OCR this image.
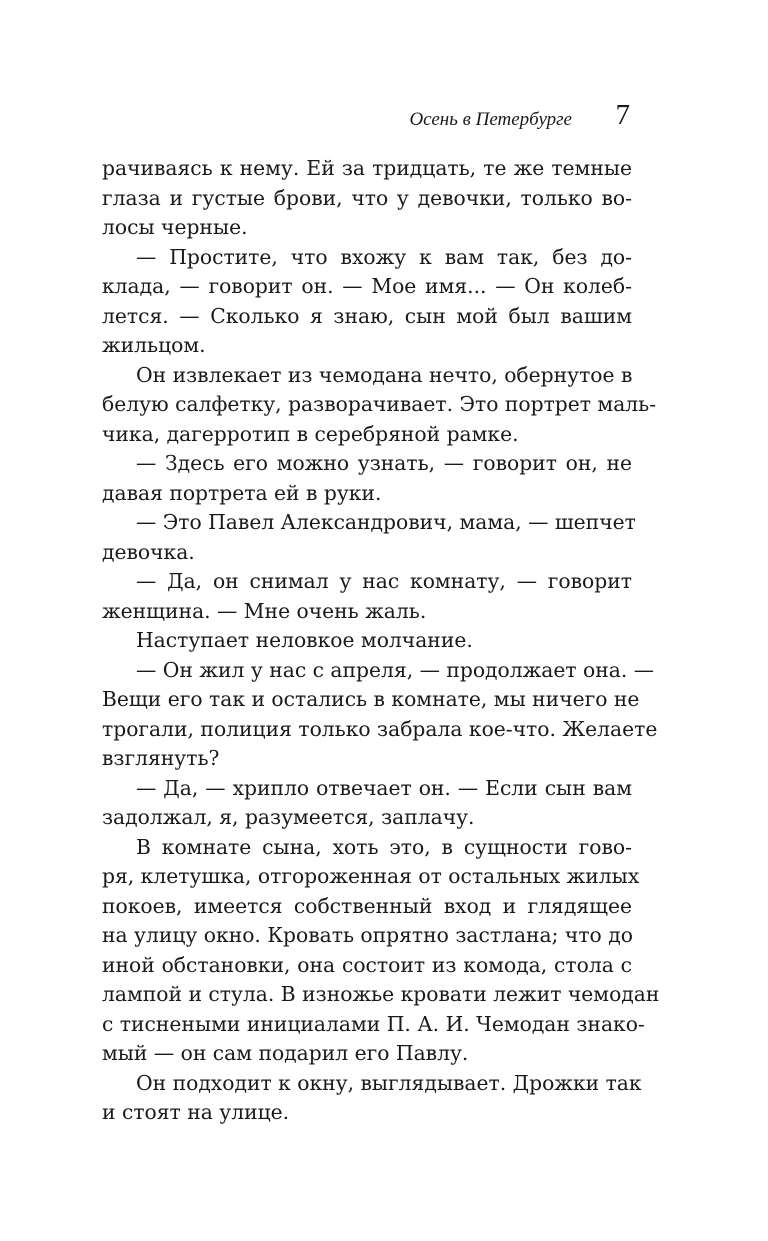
Осень в Петербурге 7
рачиваясь к нему. Ей за тридцать, те же темные
глаза и густые брови, что у девочки, только во-
лосы черные.
— Простите, что вхожу к вам так, без до-
клада, — говорит он. — Мое имя... — Он колеб-
лется. — Сколько я знаю, сын мой был вашим
жильцом.
Он извлекает из чемодана нечто, обернутое в
белую салфетку, разворачивает. Это портрет маль-
чика, дагерротип в серебряной рамке.
— Здесь его можно узнать, — говорит он, не
давая портрета ей в руки.
— Это Павел Александрович, мама, — шепчет
девочка.
— Да, он снимал у нас комнату, — говорит
женщина. — Мне очень жаль.
Наступает неловкое молчание.
— Он жил у нас с апреля, — продолжает она. —
Вещи его так и остались в комнате, мы ничего не
трогали, полиция только забрала кое-что. Желаете
взглянуть?
— Да, — хрипло отвечает он. — Если сын вам
задолжал, я, разумеется, заплачу.
В комнате сына, хоть это, в сущности гово-
ря, клетушка, отгороженная от остальных жилых
покоев, имеется собственный вход и глядящее
на улицу окно. Кровать опрятно застлана; что до
иной обстановки, она состоит из комода, стола с
лампой и стула. В изножье кровати лежит чемодан
с тиснеными инициалами П. А. И. Чемодан знако-
мый — он сам подарил его Павлу.
Он подходит к окну, выглядывает. Дрожки так
и стоят на улице.
